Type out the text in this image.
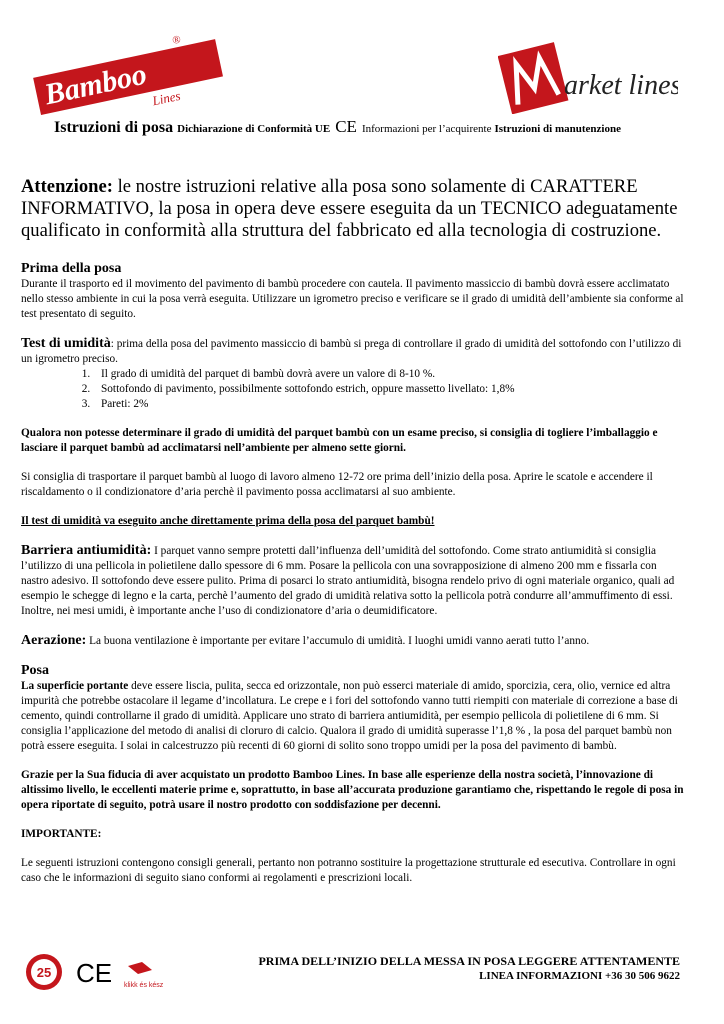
Bamboo
®
Lines	arket lines
Istruzioni di posa Dichiarazione di Conformità UE CE Informazioni per l’acquirente Istruzioni di manutenzione

Attenzione: le nostre istruzioni relative alla posa sono solamente di CARATTERE INFORMATIVO, la posa in opera deve essere eseguita da un TECNICO adeguatamente qualificato in conformità alla struttura del fabbricato ed alla tecnologia di costruzione.

Prima della posa

Durante il trasporto ed il movimento del pavimento di bambù procedere con cautela. Il pavimento massiccio di bambù dovrà essere acclimatato nello stesso ambiente in cui la posa verrà eseguita. Utilizzare un igrometro preciso e verificare se il grado di umidità dell’ambiente sia conforme al test presentato di seguito.

Test di umidità: prima della posa del pavimento massiccio di bambù si prega di controllare il grado di umidità del sottofondo con l’utilizzo di un igrometro preciso.

1. Il grado di umidità del parquet di bambù dovrà avere un valore di 8-10 %.
2. Sottofondo di pavimento, possibilmente sottofondo estrich, oppure massetto livellato: 1,8%
3. Pareti: 2%

Qualora non potesse determinare il grado di umidità del parquet bambù con un esame preciso, si consiglia di togliere l’imballaggio e lasciare il parquet bambù ad acclimatarsi nell’ambiente per almeno sette giorni.

Si consiglia di trasportare il parquet bambù al luogo di lavoro almeno 12-72 ore prima dell’inizio della posa. Aprire le scatole e accendere il riscaldamento o il condizionatore d’aria perchè il pavimento possa acclimatarsi al suo ambiente.

Il test di umidità va eseguito anche direttamente prima della posa del parquet bambù!

Barriera antiumidità: I parquet vanno sempre protetti dall’influenza dell’umidità del sottofondo. Come strato antiumidità si consiglia l’utilizzo di una pellicola in polietilene dallo spessore di 6 mm. Posare la pellicola con una sovrapposizione di almeno 200 mm e fissarla con nastro adesivo. Il sottofondo deve essere pulito. Prima di posarci lo strato antiumidità, bisogna rendelo privo di ogni materiale organico, quali ad esempio le schegge di legno e la carta, perchè l’aumento del grado di umidità relativa sotto la pellicola potrà condurre all’ammuffimento di essi. Inoltre, nei mesi umidi, è importante anche l’uso di condizionatore d’aria o deumidificatore.

Aerazione: La buona ventilazione è importante per evitare l’accumulo di umidità. I luoghi umidi vanno aerati tutto l’anno.

Posa

La superficie portante deve essere liscia, pulita, secca ed orizzontale, non può esserci materiale di amido, sporcizia, cera, olio, vernice ed altra impurità che potrebbe ostacolare il legame d’incollatura. Le crepe e i fori del sottofondo vanno tutti riempiti con materiale di correzione a base di cemento, quindi controllarne il grado di umidità. Applicare uno strato di barriera antiumidità, per esempio pellicola di polietilene di 6 mm. Si consiglia l’applicazione del metodo di analisi di cloruro di calcio. Qualora il grado di umidità superasse l’1,8 % , la posa del parquet bambù non potrà essere eseguita. I solai in calcestruzzo più recenti di 60 giorni di solito sono troppo umidi per la posa del pavimento di bambù.

Grazie per la Sua fiducia di aver acquistato un prodotto Bamboo Lines. In base alle esperienze della nostra società, l’innovazione di altissimo livello, le eccellenti materie prime e, soprattutto, in base all’accurata produzione garantiamo che, rispettando le regole di posa in opera riportate di seguito, potrà usare il nostro prodotto con soddisfazione per decenni.

IMPORTANTE:

Le seguenti istruzioni contengono consigli generali, pertanto non potranno sostituire la progettazione strutturale ed esecutiva. Controllare in ogni caso che le informazioni di seguito siano conformi ai regolamenti e prescrizioni locali.

25 CE klikk és kész
PRIMA DELL’INIZIO DELLA MESSA IN POSA LEGGERE ATTENTAMENTE
LINEA INFORMAZIONI +36 30 506 9622
